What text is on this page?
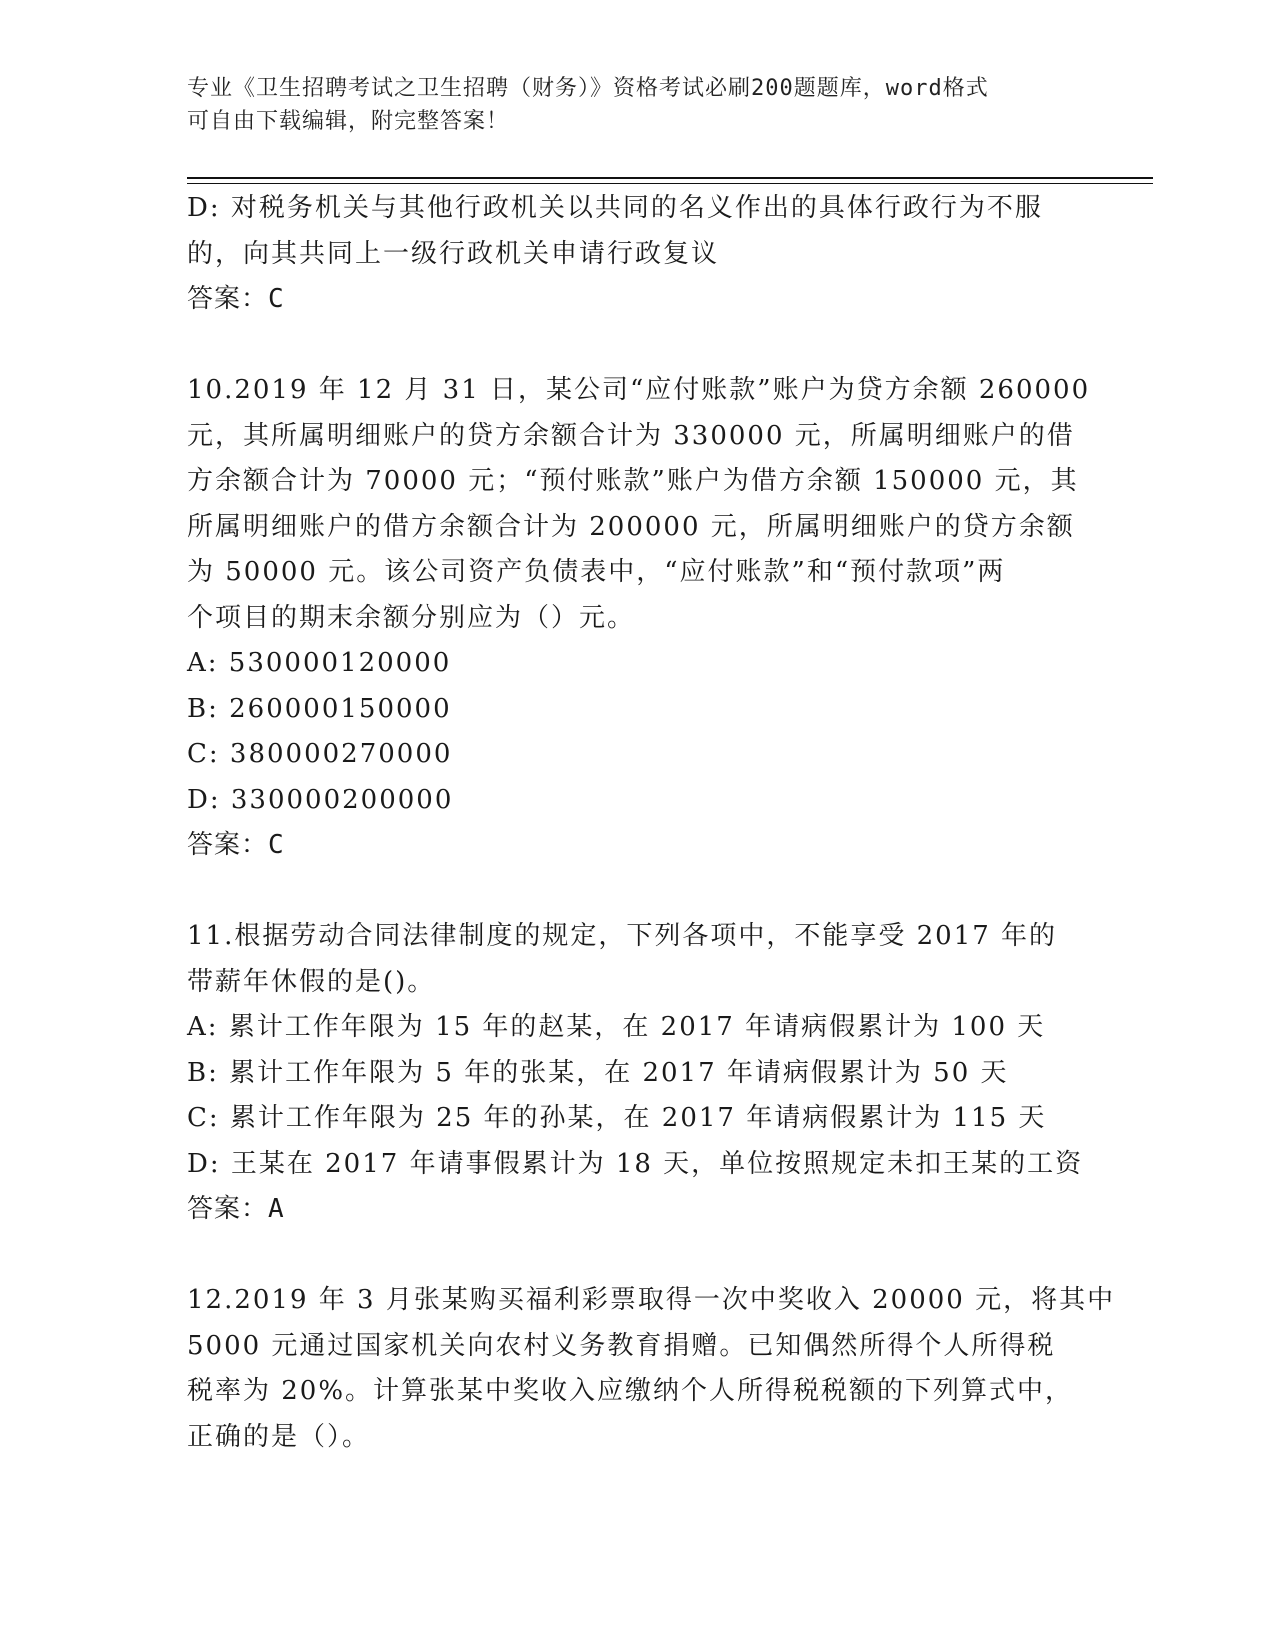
专业《卫生招聘考试之卫生招聘（财务）》资格考试必刷200题题库，word格式
可自由下载编辑，附完整答案！
D: 对税务机关与其他行政机关以共同的名义作出的具体行政行为不服
的，向其共同上一级行政机关申请行政复议
答案：C
10.2019 年 12 月 31 日，某公司“应付账款”账户为贷方余额 260000
元，其所属明细账户的贷方余额合计为 330000 元，所属明细账户的借
方余额合计为 70000 元；“预付账款”账户为借方余额 150000 元，其
所属明细账户的借方余额合计为 200000 元，所属明细账户的贷方余额
为 50000 元。该公司资产负债表中，“应付账款”和“预付款项”两
个项目的期末余额分别应为（）元。
A: 530000120000
B: 260000150000
C: 380000270000
D: 330000200000
答案：C
11.根据劳动合同法律制度的规定，下列各项中，不能享受 2017 年的
带薪年休假的是()。
A: 累计工作年限为 15 年的赵某，在 2017 年请病假累计为 100 天
B: 累计工作年限为 5 年的张某，在 2017 年请病假累计为 50 天
C: 累计工作年限为 25 年的孙某，在 2017 年请病假累计为 115 天
D: 王某在 2017 年请事假累计为 18 天，单位按照规定未扣王某的工资
答案：A
12.2019 年 3 月张某购买福利彩票取得一次中奖收入 20000 元，将其中
5000 元通过国家机关向农村义务教育捐赠。已知偶然所得个人所得税
税率为 20%。计算张某中奖收入应缴纳个人所得税税额的下列算式中，
正确的是（）。
